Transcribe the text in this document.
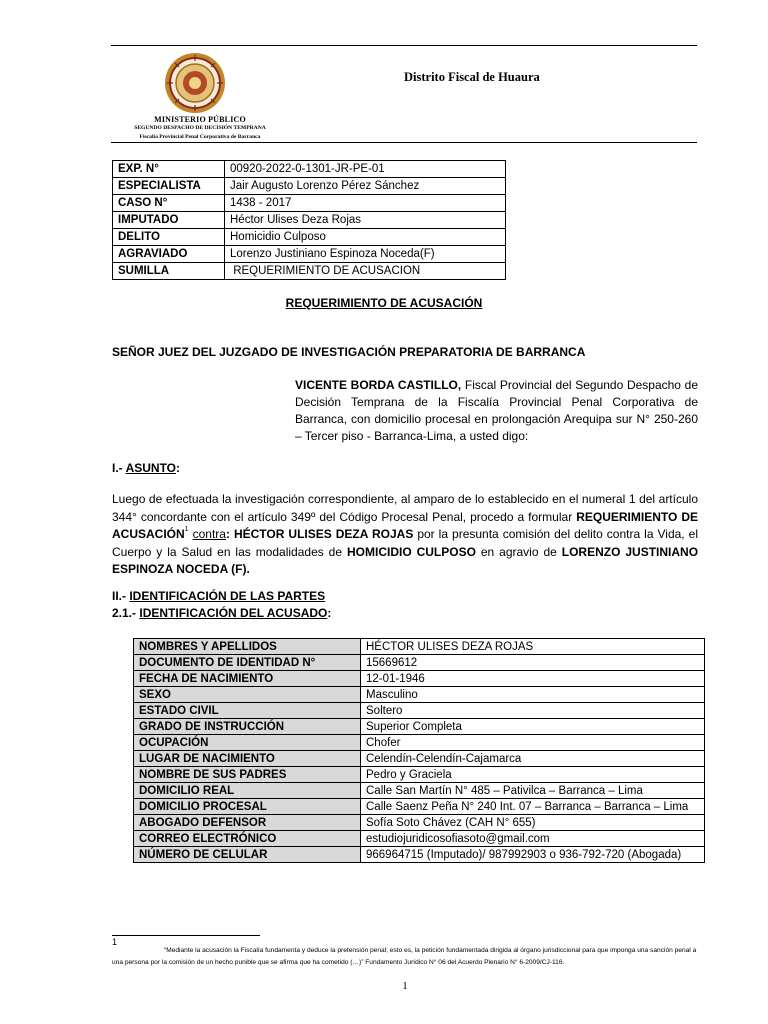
MINISTERIO PÚBLICO
SEGUNDO DESPACHO DE DECISIÓN TEMPRANA
Fiscalía Provincial Penal Corporativa de Barranca
Distrito Fiscal de Huaura
EXP. N°	00920-2022-0-1301-JR-PE-01
ESPECIALISTA	Jair Augusto Lorenzo Pérez Sánchez
CASO N°	1438 - 2017
IMPUTADO	Héctor Ulises Deza Rojas
DELITO	Homicidio Culposo
AGRAVIADO	Lorenzo Justiniano Espinoza Noceda(F)
SUMILLA	REQUERIMIENTO DE ACUSACION
REQUERIMIENTO DE ACUSACIÓN
SEÑOR JUEZ DEL JUZGADO DE INVESTIGACIÓN PREPARATORIA DE BARRANCA
VICENTE BORDA CASTILLO, Fiscal Provincial del Segundo Despacho de Decisión Temprana de la Fiscalía Provincial Penal Corporativa de Barranca, con domicilio procesal en prolongación Arequipa sur N° 250-260 – Tercer piso - Barranca-Lima, a usted digo:
I.- ASUNTO:
Luego de efectuada la investigación correspondiente, al amparo de lo establecido en el numeral 1 del artículo 344° concordante con el artículo 349º del Código Procesal Penal, procedo a formular REQUERIMIENTO DE ACUSACIÓN$^1$ contra: HÉCTOR ULISES DEZA ROJAS por la presunta comisión del delito contra la Vida, el Cuerpo y la Salud en las modalidades de HOMICIDIO CULPOSO en agravio de LORENZO JUSTINIANO ESPINOZA NOCEDA (F).
II.- IDENTIFICACIÓN DE LAS PARTES
2.1.- IDENTIFICACIÓN DEL ACUSADO:
NOMBRES Y APELLIDOS	HÉCTOR ULISES DEZA ROJAS
DOCUMENTO DE IDENTIDAD N°	15669612
FECHA DE NACIMIENTO	12-01-1946
SEXO	Masculino
ESTADO CIVIL	Soltero
GRADO DE INSTRUCCIÓN	Superior Completa
OCUPACIÓN	Chofer
LUGAR DE NACIMIENTO	Celendín-Celendín-Cajamarca
NOMBRE DE SUS PADRES	Pedro y Graciela
DOMICILIO REAL	Calle San Martín N° 485 – Pativilca – Barranca – Lima
DOMICILIO PROCESAL	Calle Saenz Peña N° 240 Int. 07 – Barranca – Barranca – Lima
ABOGADO DEFENSOR	Sofía Soto Chávez (CAH N° 655)
CORREO ELECTRÓNICO	estudiojuridicosofiasoto@gmail.com
NÚMERO DE CELULAR	966964715 (Imputado)/ 987992903 o 936-792-720 (Abogada)
1
“Mediante la acusación la Fiscalía fundamenta y deduce la pretensión penal; esto es, la petición fundamentada dirigida al órgano jurisdiccional para que imponga una sanción penal a una persona por la comisión de un hecho punible que se afirma que ha cometido (…)” Fundamento Jurídico N° 06 del Acuerdo Plenario N° 6-2009/CJ-116.
1
